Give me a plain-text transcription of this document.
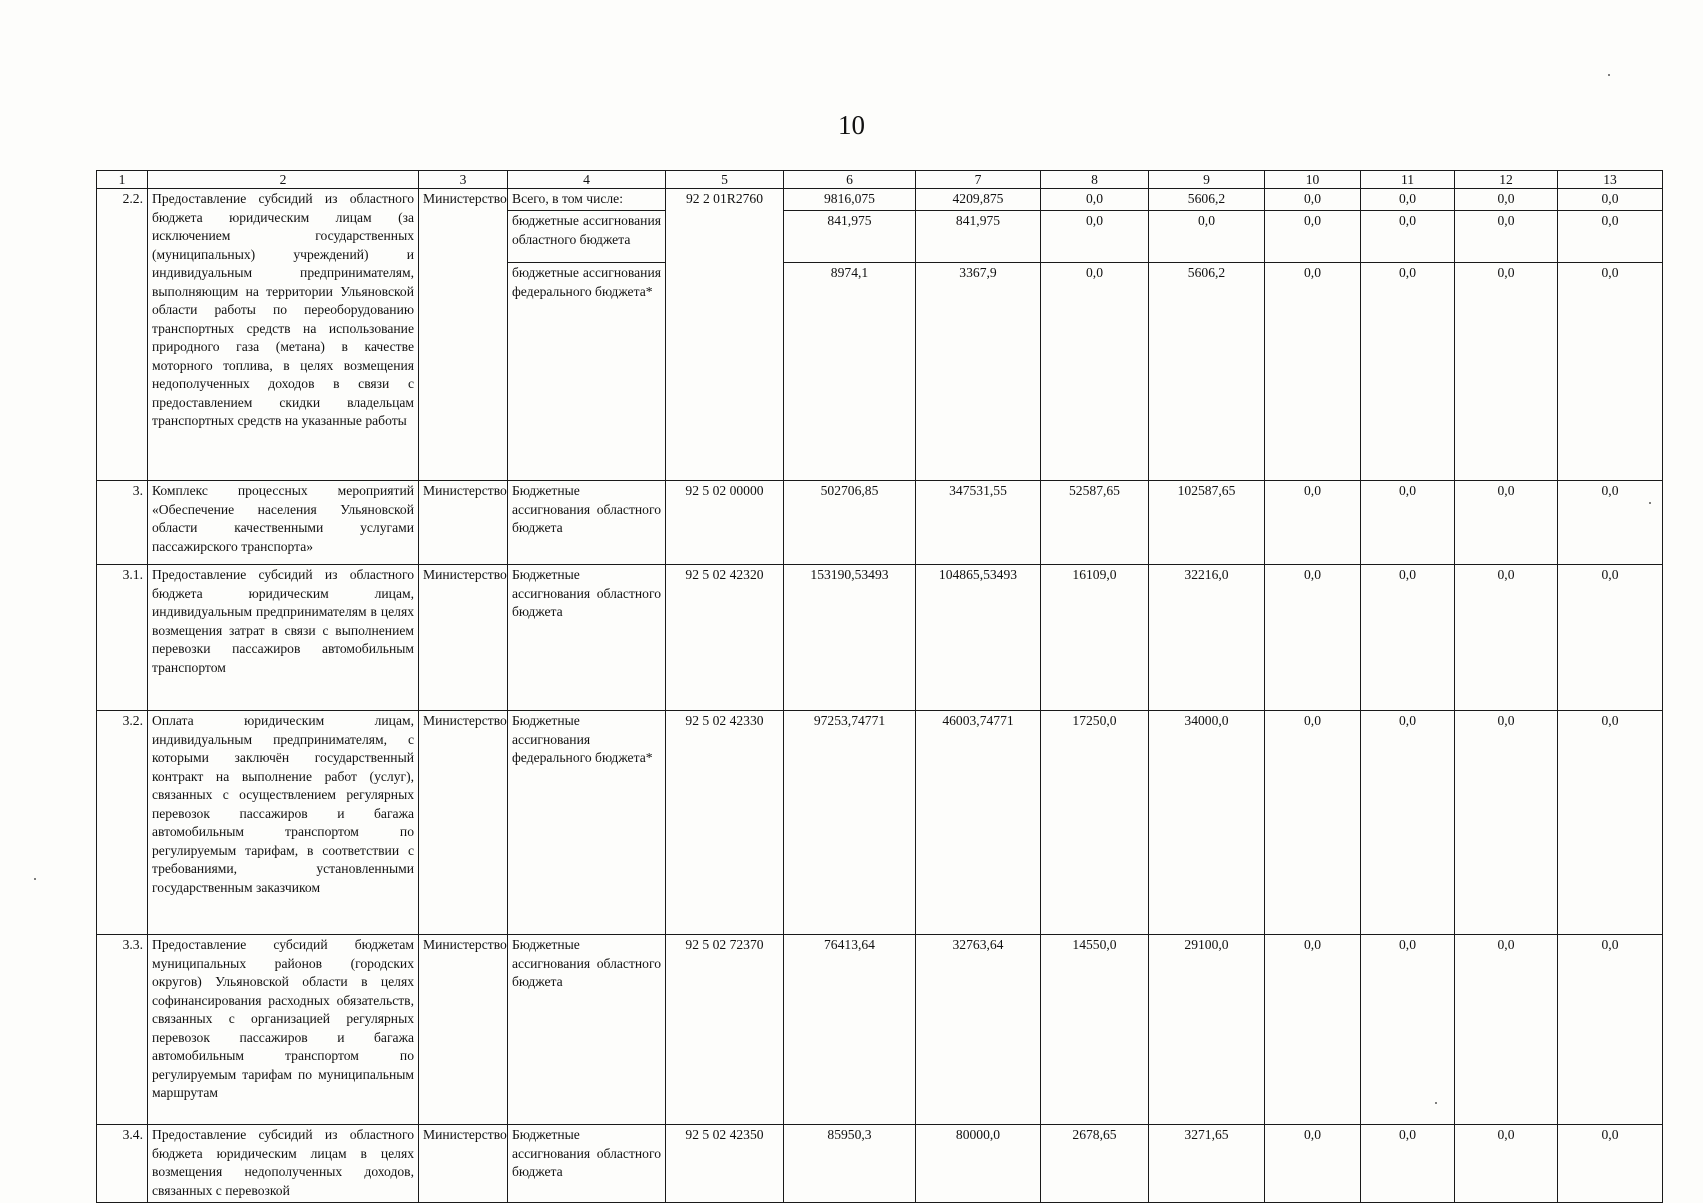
10
1	2	3	4	5	6	7	8	9	10	11	12	13
2.2.	Предоставление субсидий из областного бюджета юридическим лицам (за исключением государственных (муниципальных) учреждений) и индивидуальным предпринимателям, выполняющим на территории Ульяновской области работы по переоборудованию транспортных средств на использование природного газа (метана) в качестве моторного топлива, в целях возмещения недополученных доходов в связи с предоставлением скидки владельцам транспортных средств на указанные работы	Министерство	Всего, в том числе:	92 2 01R2760	9816,075	4209,875	0,0	5606,2	0,0	0,0	0,0	0,0
			бюджетные ассигнования областного бюджета		841,975	841,975	0,0	0,0	0,0	0,0	0,0	0,0
			бюджетные ассигнования федерального бюджета*		8974,1	3367,9	0,0	5606,2	0,0	0,0	0,0	0,0
3.	Комплекс процессных мероприятий «Обеспечение населения Ульяновской области качественными услугами пассажирского транспорта»	Министерство	Бюджетные ассигнования областного бюджета	92 5 02 00000	502706,85	347531,55	52587,65	102587,65	0,0	0,0	0,0	0,0
3.1.	Предоставление субсидий из областного бюджета юридическим лицам, индивидуальным предпринимателям в целях возмещения затрат в связи с выполнением перевозки пассажиров автомобильным транспортом	Министерство	Бюджетные ассигнования областного бюджета	92 5 02 42320	153190,53493	104865,53493	16109,0	32216,0	0,0	0,0	0,0	0,0
3.2.	Оплата юридическим лицам, индивидуальным предпринимателям, с которыми заключён государственный контракт на выполнение работ (услуг), связанных с осуществлением регулярных перевозок пассажиров и багажа автомобильным транспортом по регулируемым тарифам, в соответствии с требованиями, установленными государственным заказчиком	Министерство	Бюджетные ассигнования федерального бюджета*	92 5 02 42330	97253,74771	46003,74771	17250,0	34000,0	0,0	0,0	0,0	0,0
3.3.	Предоставление субсидий бюджетам муниципальных районов (городских округов) Ульяновской области в целях софинансирования расходных обязательств, связанных с организацией регулярных перевозок пассажиров и багажа автомобильным транспортом по регулируемым тарифам по муниципальным маршрутам	Министерство	Бюджетные ассигнования областного бюджета	92 5 02 72370	76413,64	32763,64	14550,0	29100,0	0,0	0,0	0,0	0,0
3.4.	Предоставление субсидий из областного бюджета юридическим лицам в целях возмещения недополученных доходов, связанных с перевозкой	Министерство	Бюджетные ассигнования областного бюджета	92 5 02 42350	85950,3	80000,0	2678,65	3271,65	0,0	0,0	0,0	0,0
